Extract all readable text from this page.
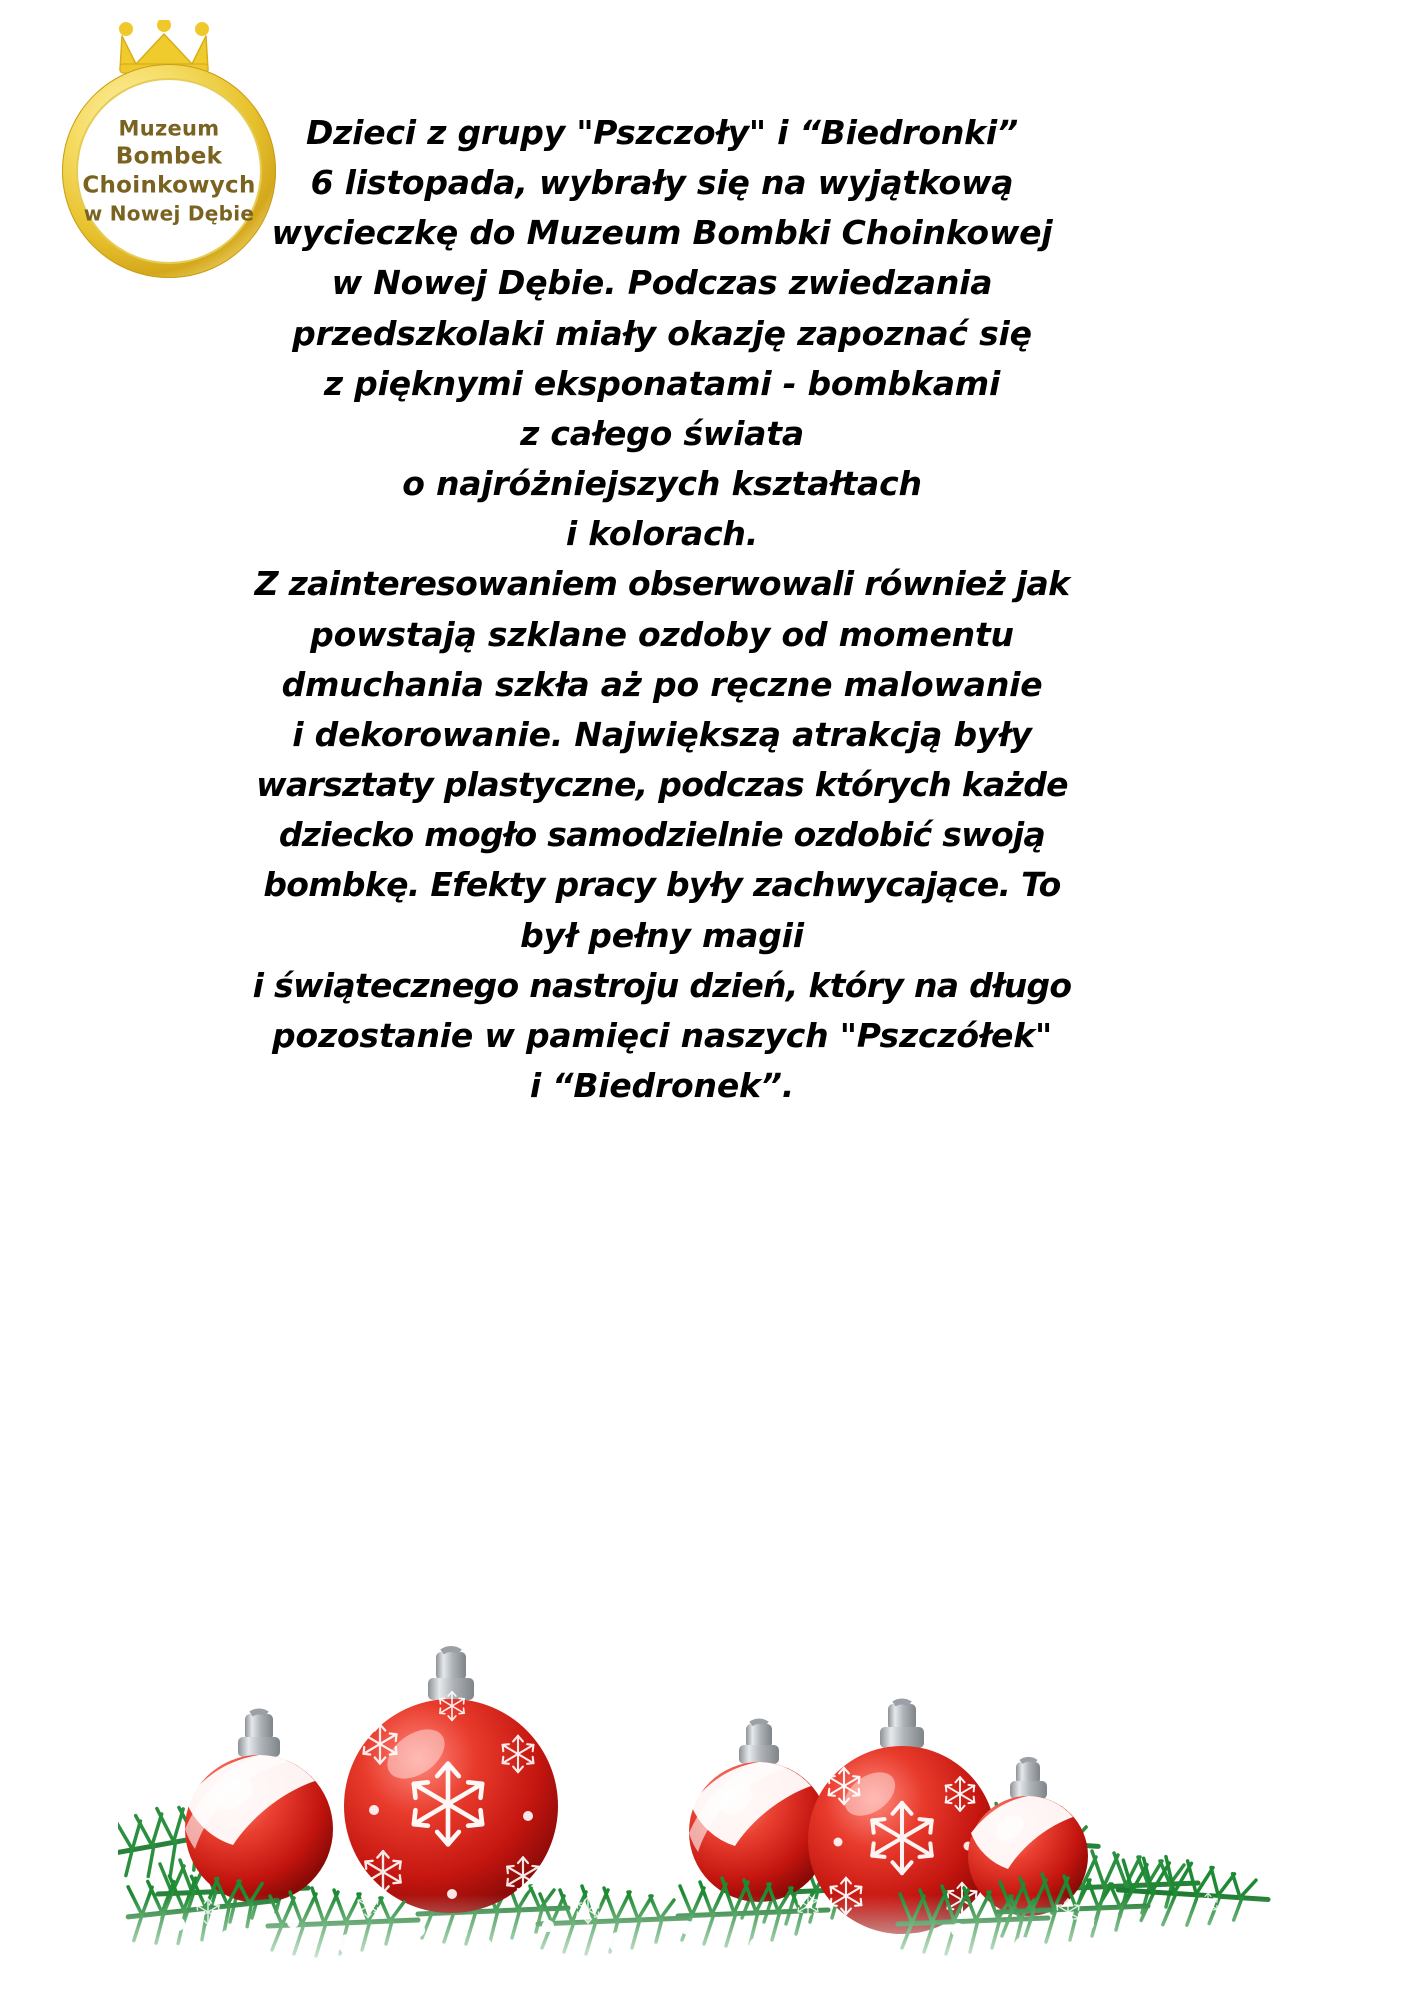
Muzeum
Bombek
Choinkowych
w Nowej Dębie
Dzieci z grupy "Pszczoły" i “Biedronki”
6 listopada, wybrały się na wyjątkową
wycieczkę do Muzeum Bombki Choinkowej
w Nowej Dębie. Podczas zwiedzania
przedszkolaki miały okazję zapoznać się
z pięknymi eksponatami - bombkami
z całego świata
o najróżniejszych kształtach
i kolorach.
Z zainteresowaniem obserwowali również jak
powstają szklane ozdoby od momentu
dmuchania szkła aż po ręczne malowanie
i dekorowanie. Największą atrakcją były
warsztaty plastyczne, podczas których każde
dziecko mogło samodzielnie ozdobić swoją
bombkę. Efekty pracy były zachwycające. To
był pełny magii
i świątecznego nastroju dzień, który na długo
pozostanie w pamięci naszych "Pszczółek"
i “Biedronek”.
